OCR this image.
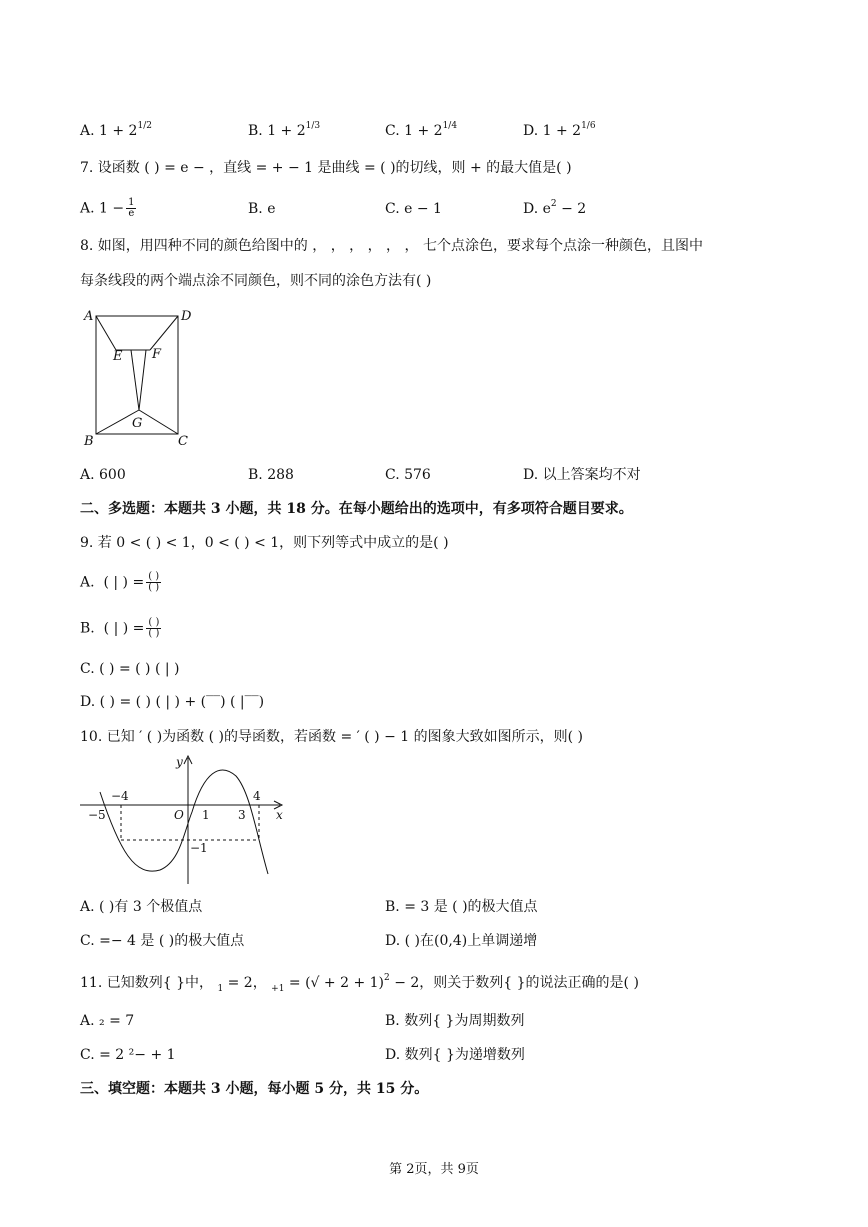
A. $1 + 2^{1/2}$	B. $1 + 2^{1/3}$	C. $1 + 2^{1/4}$	D. $1 + 2^{1/6}$
7. 设函数 ( ) = e − ，直线 = + − 1 是曲线 = ( )的切线，则 + 的最大值是( )
A. $1 - \frac{1}{e}$	B. e	C. e − 1	D. $e^2 - 2$
8. 如图，用四种不同的颜色给图中的 ， ， ， ， ， ， 七个点涂色，要求每个点涂一种颜色，且图中
每条线段的两个端点涂不同颜色，则不同的涂色方法有( )
A	D
E F
G
B	C
A. 600	B. 288	C. 576	D. 以上答案均不对
二、多选题：本题共 3 小题，共 18 分。在每小题给出的选项中，有多项符合题目要求。
9. 若 0 < ( ) < 1，0 < ( ) < 1，则下列等式中成立的是( )
A. ( | ) = $\frac{( )}{( )}$
B. ( | ) = $\frac{( )}{( )}$
C. ( ) = ( ) ( | )
D. ( ) = ( ) ( | ) + (‾‾) ( |‾‾)
10. 已知 ′ ( )为函数 ( )的导函数，若函数 = ′ ( ) − 1 的图象大致如图所示，则( )
y
x
O
−5
−4
1 3
4
−1
A. ( )有 3 个极值点	B. = 3 是 ( )的极大值点
C. =− 4 是 ( )的极大值点	D. ( )在(0,4)上单调递增
11. 已知数列{ }中， $_1$ = 2， $_{+1}$ = (√ + 2 + 1)$^2$ − 2，则关于数列{ }的说法正确的是( )
A. ₂ = 7	B. 数列{ }为周期数列
C. = 2 ²− + 1	D. 数列{ }为递增数列
三、填空题：本题共 3 小题，每小题 5 分，共 15 分。
第 2页，共 9页
